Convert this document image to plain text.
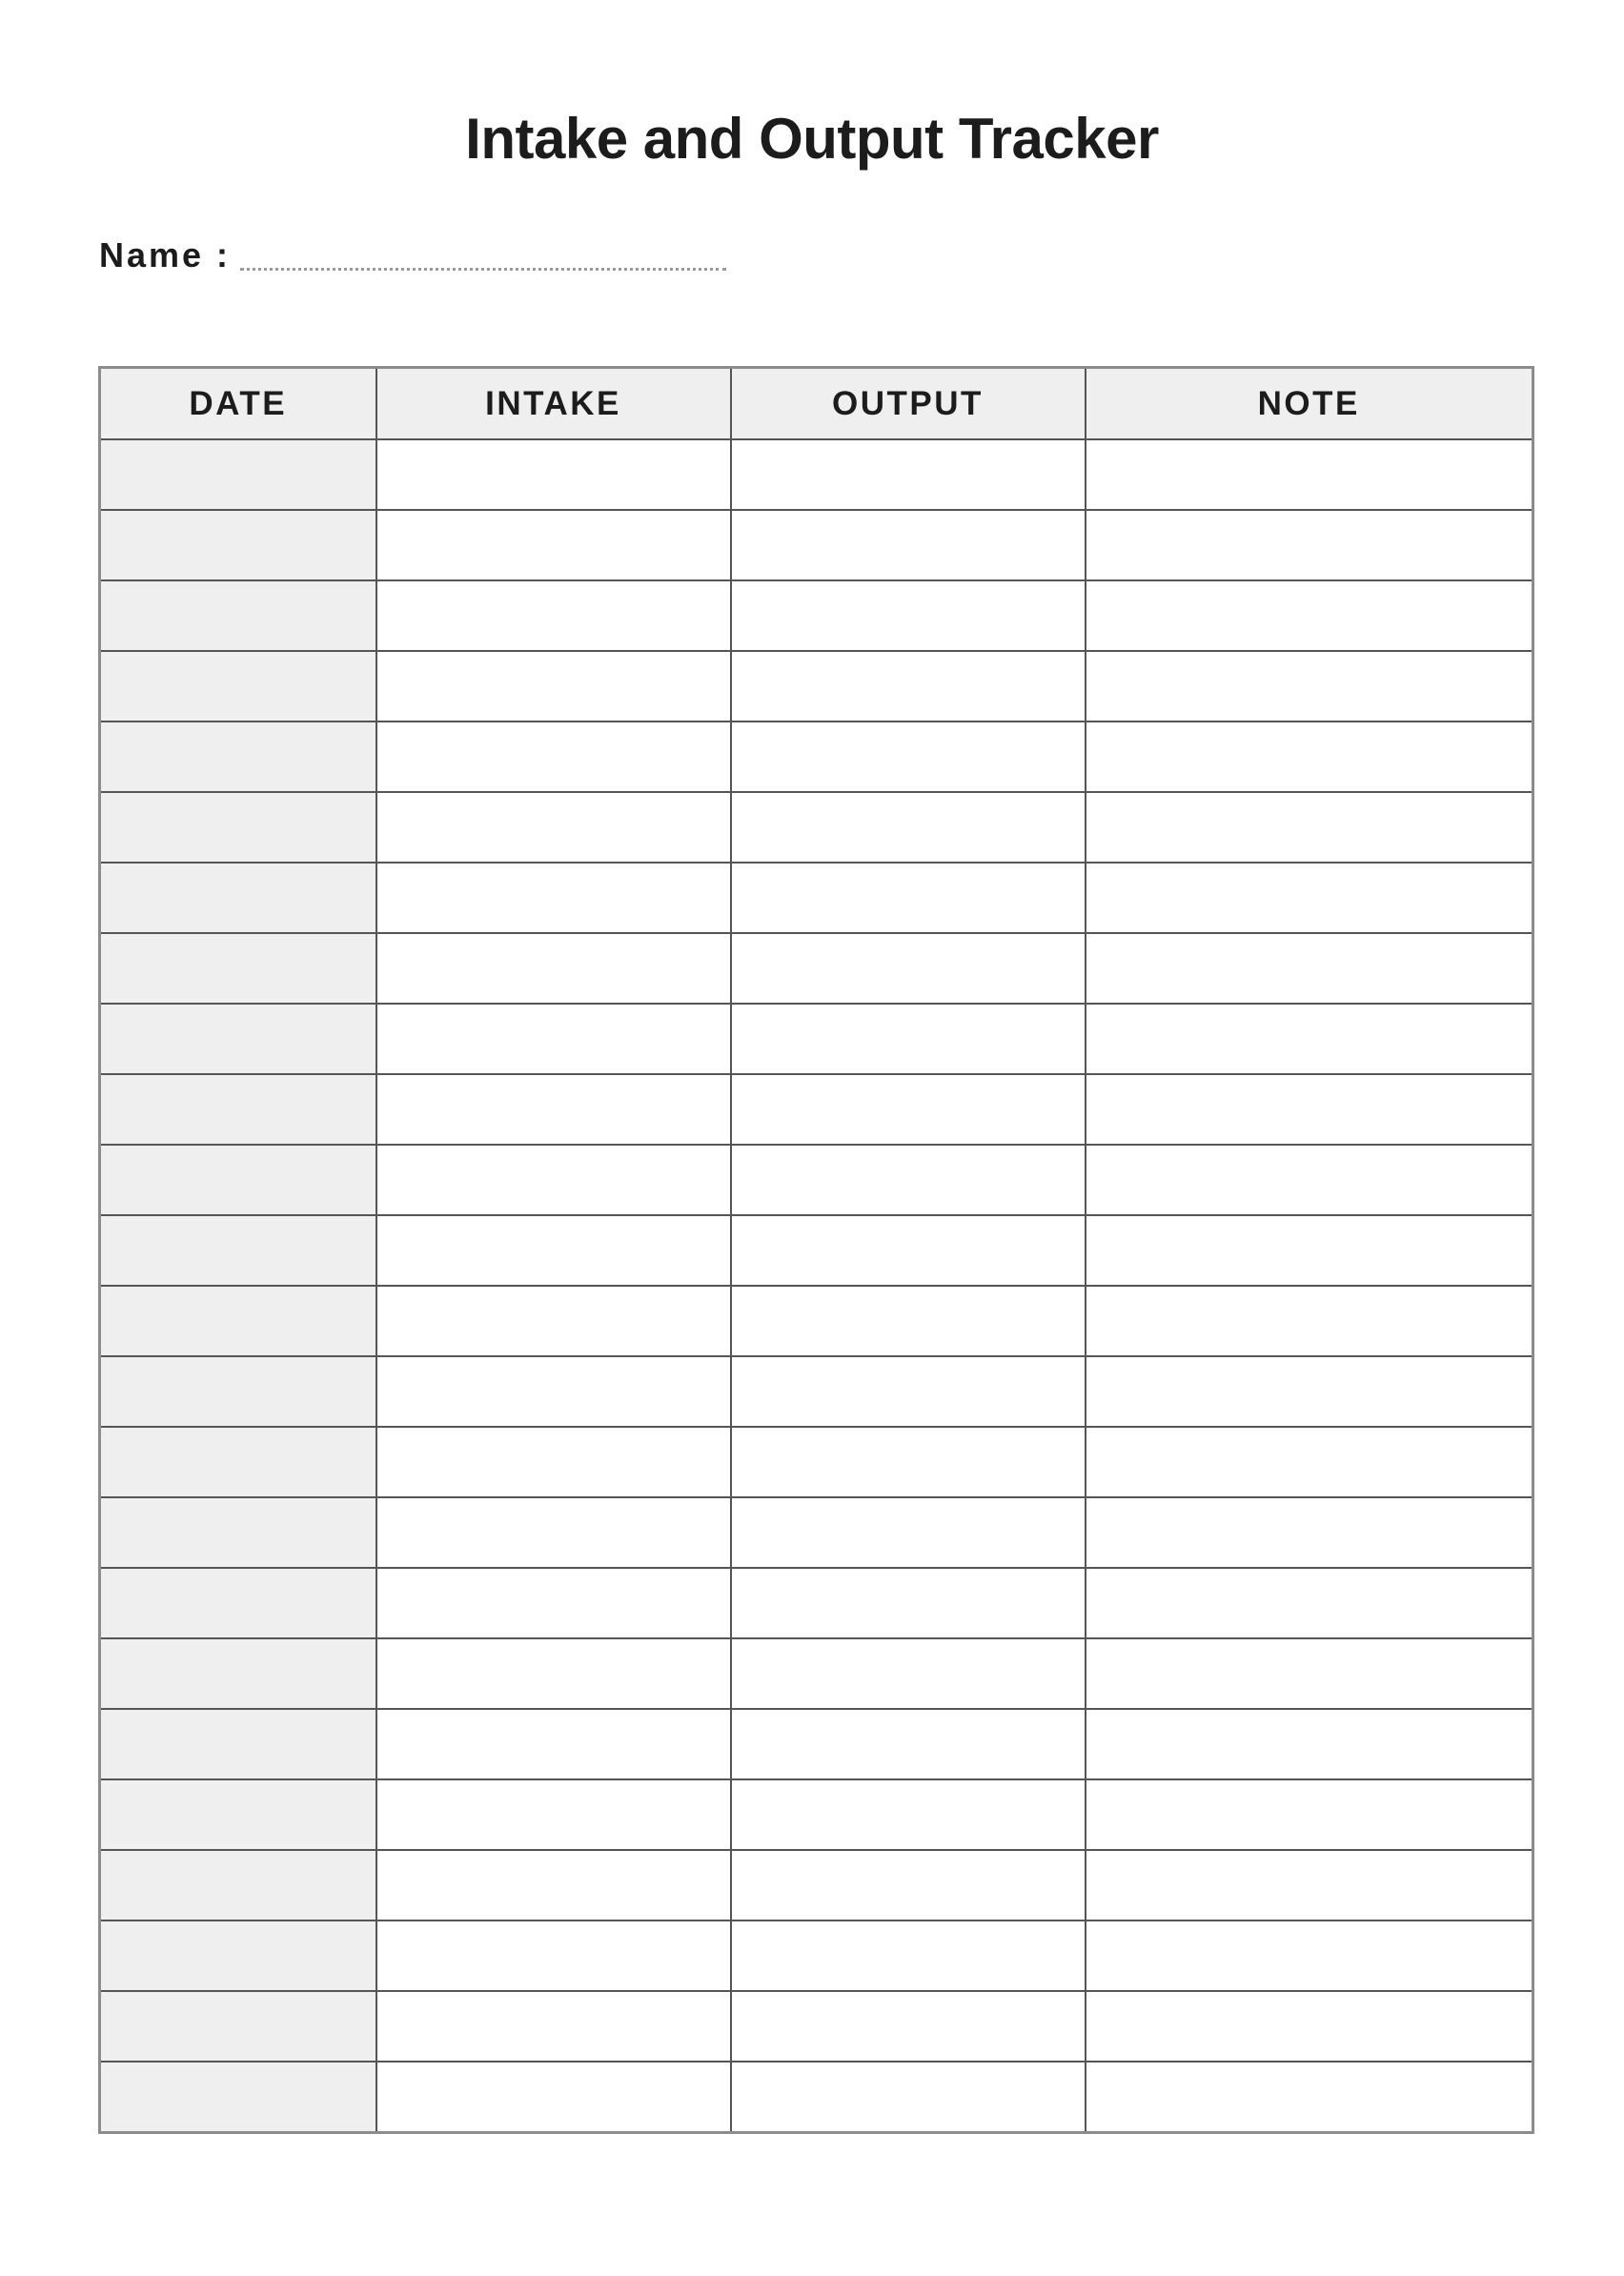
Intake and Output Tracker
Name :
DATE	INTAKE	OUTPUT	NOTE
